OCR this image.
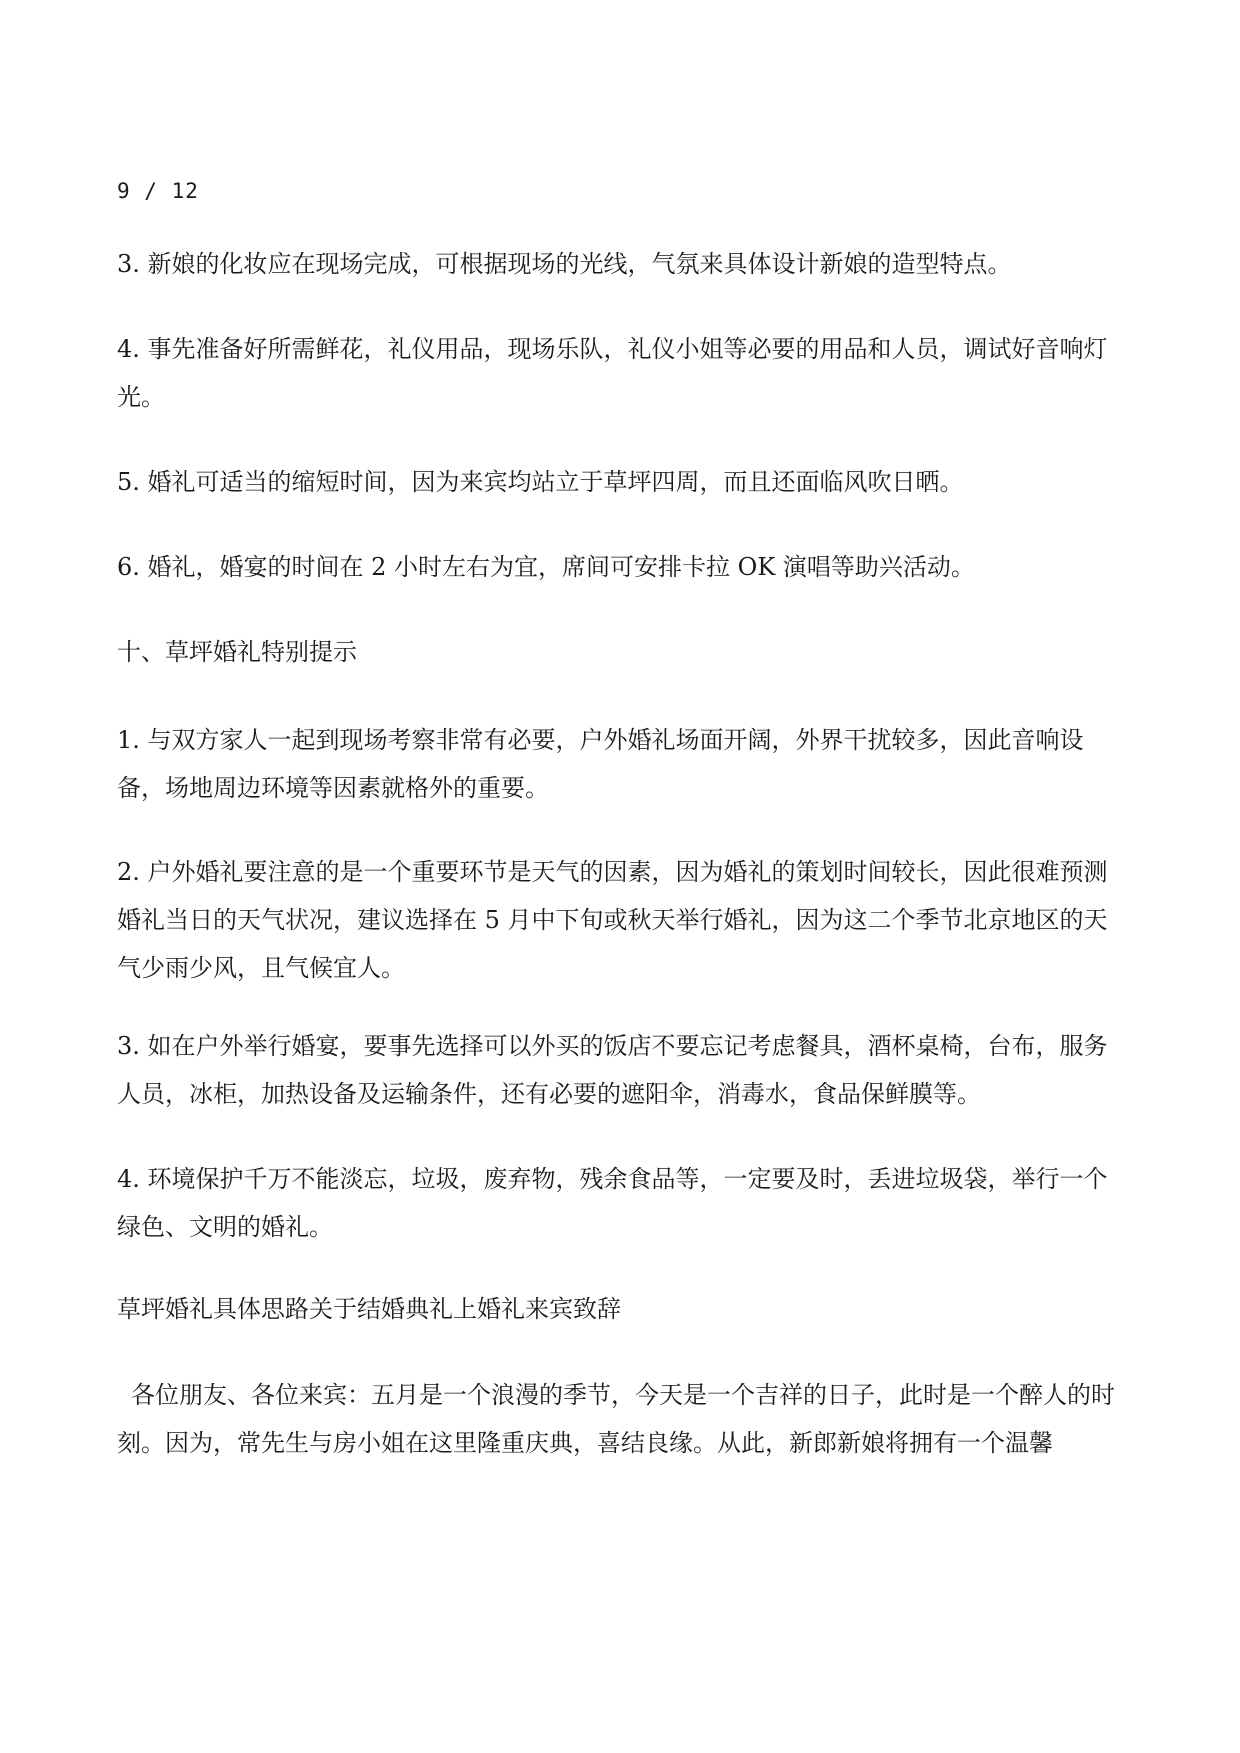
9 / 12

3. 新娘的化妆应在现场完成，可根据现场的光线，气氛来具体设计新娘的造型特点。

4. 事先准备好所需鲜花，礼仪用品，现场乐队，礼仪小姐等必要的用品和人员，调试好音响灯光。

5. 婚礼可适当的缩短时间，因为来宾均站立于草坪四周，而且还面临风吹日晒。

6. 婚礼，婚宴的时间在 2 小时左右为宜，席间可安排卡拉 OK 演唱等助兴活动。

十、草坪婚礼特别提示

1. 与双方家人一起到现场考察非常有必要，户外婚礼场面开阔，外界干扰较多，因此音响设备，场地周边环境等因素就格外的重要。

2. 户外婚礼要注意的是一个重要环节是天气的因素，因为婚礼的策划时间较长，因此很难预测婚礼当日的天气状况，建议选择在 5 月中下旬或秋天举行婚礼，因为这二个季节北京地区的天气少雨少风，且气候宜人。

3. 如在户外举行婚宴，要事先选择可以外买的饭店不要忘记考虑餐具，酒杯桌椅，台布，服务人员，冰柜，加热设备及运输条件，还有必要的遮阳伞，消毒水，食品保鲜膜等。

4. 环境保护千万不能淡忘，垃圾，废弃物，残余食品等，一定要及时，丢进垃圾袋，举行一个绿色、文明的婚礼。

草坪婚礼具体思路关于结婚典礼上婚礼来宾致辞

各位朋友、各位来宾：五月是一个浪漫的季节，今天是一个吉祥的日子，此时是一个醉人的时刻。因为，常先生与房小姐在这里隆重庆典，喜结良缘。从此，新郎新娘将拥有一个温馨
